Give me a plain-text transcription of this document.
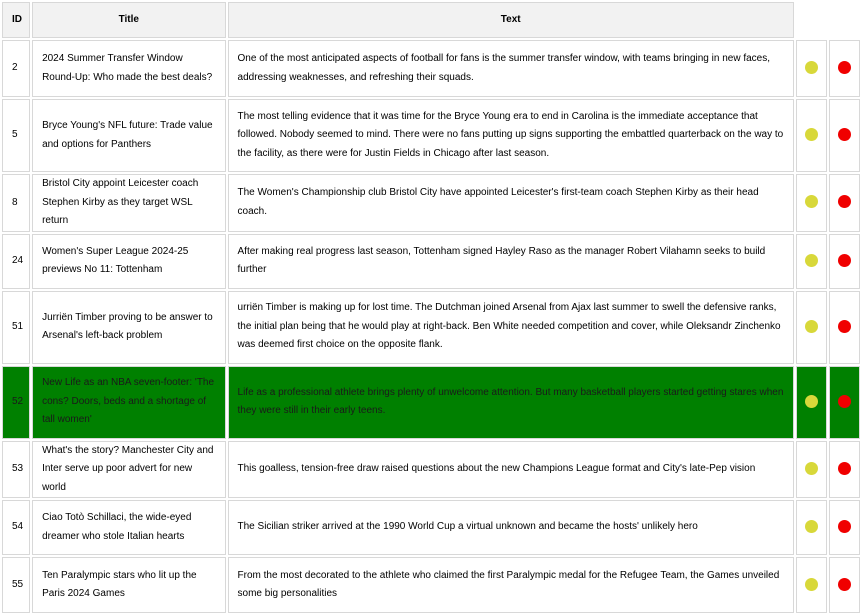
ID	Title	Text		
2	2024 Summer Transfer Window Round-Up: Who made the best deals?	One of the most anticipated aspects of football for fans is the summer transfer window, with teams bringing in new faces, addressing weaknesses, and refreshing their squads.		
5	Bryce Young's NFL future: Trade value and options for Panthers	The most telling evidence that it was time for the Bryce Young era to end in Carolina is the immediate acceptance that followed. Nobody seemed to mind. There were no fans putting up signs supporting the embattled quarterback on the way to the facility, as there were for Justin Fields in Chicago after last season.		
8	Bristol City appoint Leicester coach Stephen Kirby as they target WSL return	The Women's Championship club Bristol City have appointed Leicester's first-team coach Stephen Kirby as their head coach.		
24	Women's Super League 2024-25 previews No 11: Tottenham	After making real progress last season, Tottenham signed Hayley Raso as the manager Robert Vilahamn seeks to build further		
51	Jurriën Timber proving to be answer to Arsenal's left-back problem	urriën Timber is making up for lost time. The Dutchman joined Arsenal from Ajax last summer to swell the defensive ranks, the initial plan being that he would play at right-back. Ben White needed competition and cover, while Oleksandr Zinchenko was deemed first choice on the opposite flank.		
52	New Life as an NBA seven-footer: 'The cons? Doors, beds and a shortage of tall women'	Life as a professional athlete brings plenty of unwelcome attention. But many basketball players started getting stares when they were still in their early teens.		
53	What's the story? Manchester City and Inter serve up poor advert for new world	This goalless, tension-free draw raised questions about the new Champions League format and City's late-Pep vision		
54	Ciao Totò Schillaci, the wide-eyed dreamer who stole Italian hearts	The Sicilian striker arrived at the 1990 World Cup a virtual unknown and became the hosts' unlikely hero		
55	Ten Paralympic stars who lit up the Paris 2024 Games	From the most decorated to the athlete who claimed the first Paralympic medal for the Refugee Team, the Games unveiled some big personalities		
